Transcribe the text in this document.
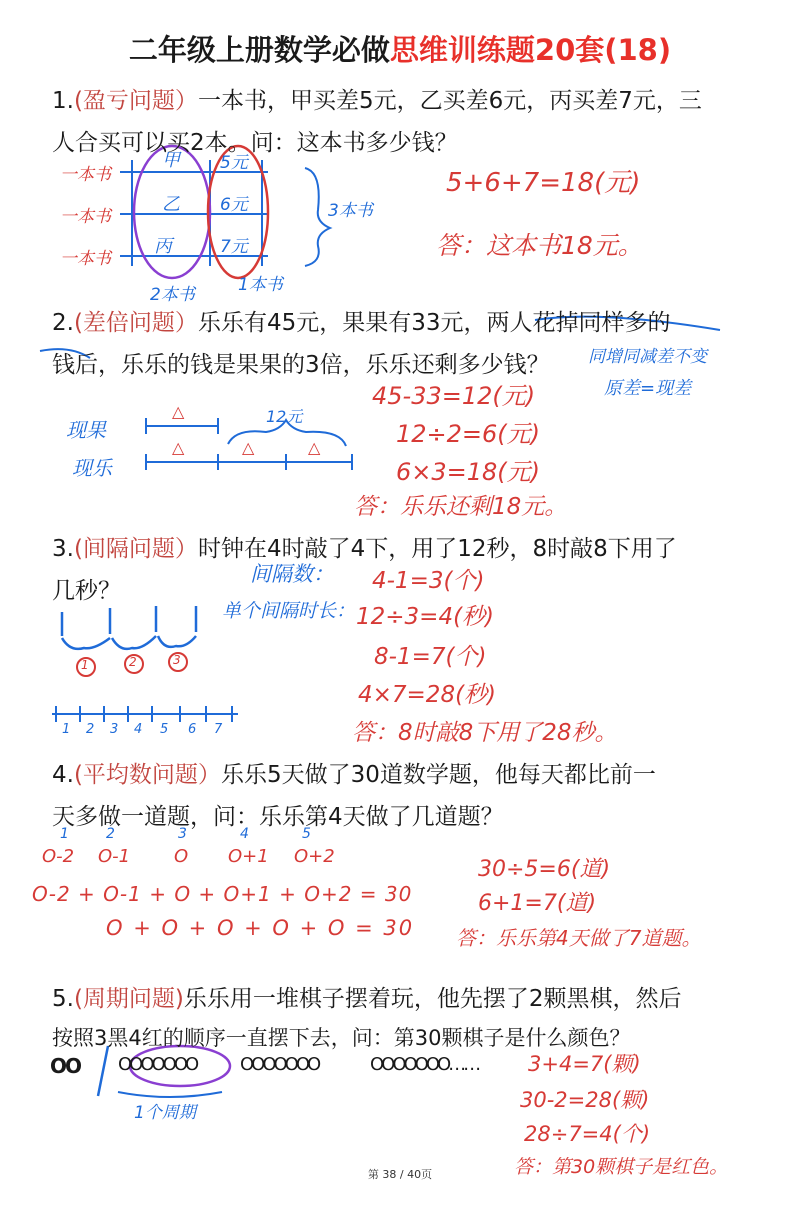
二年级上册数学必做思维训练题20套(18)
1.(盈亏问题）一本书，甲买差5元，乙买差6元，丙买差7元，三
人合买可以买2本。问：这本书多少钱？
一本书
一本书
一本书
甲
乙
丙
5元
6元
7元
3本书
2本书	1本书
5+6+7=18(元)
答：这本书18元。
2.(差倍问题）乐乐有45元，果果有33元，两人花掉同样多的
钱后，乐乐的钱是果果的3倍，乐乐还剩多少钱？ 同增同减差不变
原差=现差
45-33=12(元)
12÷2=6(元)
6×3=18(元)
答：乐乐还剩18元。
现果
现乐
12元
△
△	△	△
3.(间隔问题）时钟在4时敲了4下，用了12秒，8时敲8下用了
几秒？
间隔数：
单个间隔时长：
4-1=3(个)
12÷3=4(秒)
8-1=7(个)
4×7=28(秒)
答：8时敲8下用了28秒。
1	2	3
1 2 3 4 5 6 7
4.(平均数问题）乐乐5天做了30道数学题，他每天都比前一
天多做一道题，问：乐乐第4天做了几道题？
1	2	3	4	5
O-2 O-1 O O+1 O+2
O-2 + O-1 + O + O+1 + O+2 = 30
O + O + O + O + O = 30
30÷5=6(道)
6+1=7(道)
答：乐乐第4天做了7道题。
5.(周期问题)乐乐用一堆棋子摆着玩，他先摆了2颗黑棋，然后
按照3黑4红的顺序一直摆下去，问：第30颗棋子是什么颜色？
OO OOOOOOO OOOOOOO	OOOOOOO……
1个周期
3+4=7(颗)
30-2=28(颗)
28÷7=4(个)
答：第30颗棋子是红色。
第 38 / 40页
